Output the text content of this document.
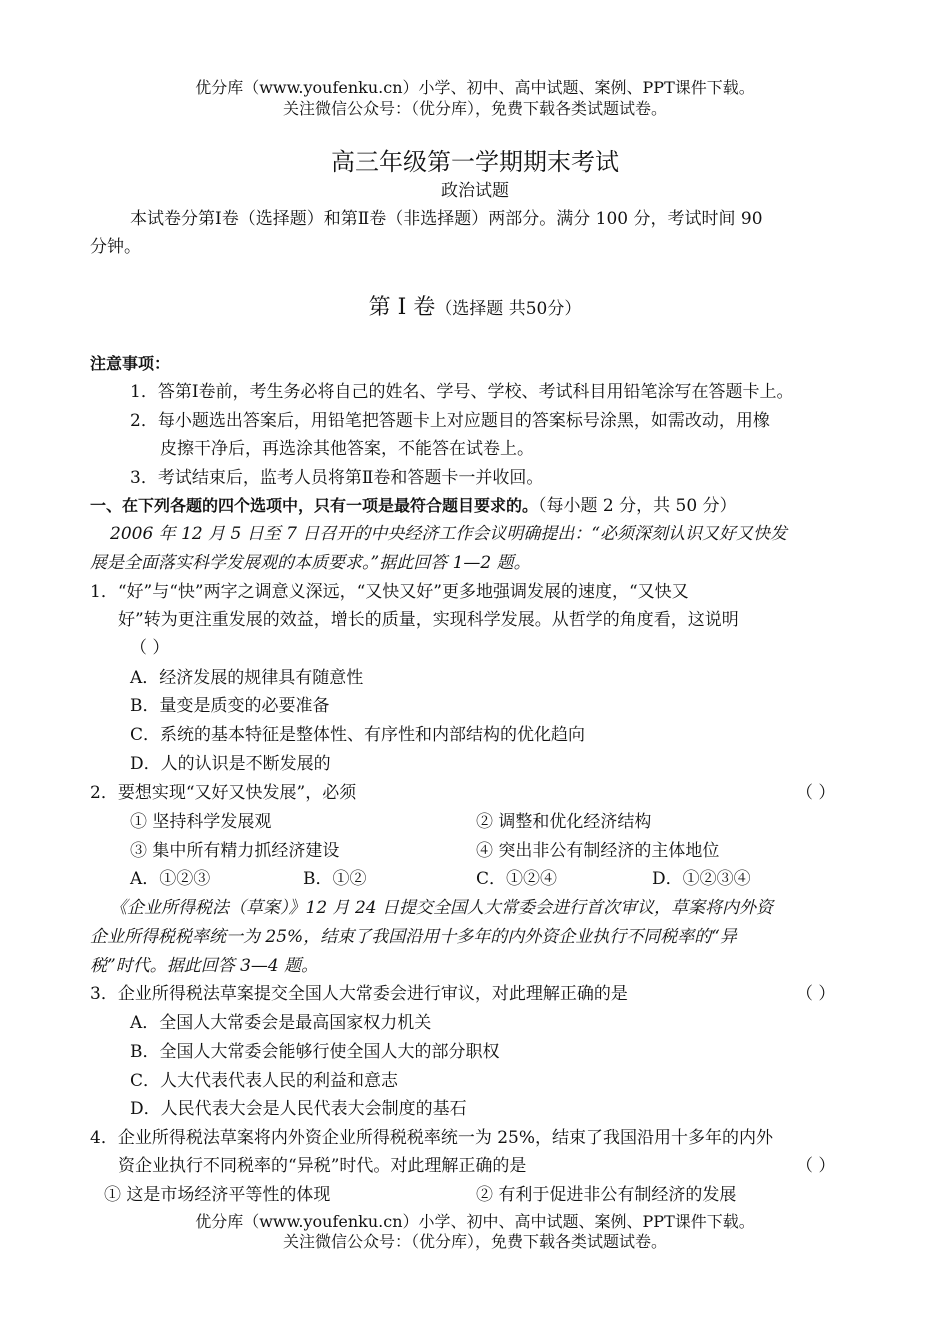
优分库（www.youfenku.cn）小学、初中、高中试题、案例、PPT课件下载。
关注微信公众号：（优分库），免费下载各类试题试卷。
高三年级第一学期期末考试
政治试题
本试卷分第Ⅰ卷（选择题）和第Ⅱ卷（非选择题）两部分。满分 100 分，考试时间 90
分钟。
第 Ⅰ 卷（选择题 共50分）
注意事项：
1．答第Ⅰ卷前，考生务必将自己的姓名、学号、学校、考试科目用铅笔涂写在答题卡上。
2．每小题选出答案后，用铅笔把答题卡上对应题目的答案标号涂黑，如需改动，用橡
皮擦干净后，再选涂其他答案，不能答在试卷上。
3．考试结束后，监考人员将第Ⅱ卷和答题卡一并收回。
一、在下列各题的四个选项中，只有一项是最符合题目要求的。（每小题 2 分，共 50 分）
2006 年 12 月 5 日至 7 日召开的中央经济工作会议明确提出：“必须深刻认识又好又快发
展是全面落实科学发展观的本质要求。”据此回答 1—2 题。
1．“好”与“快”两字之调意义深远，“又快又好”更多地强调发展的速度，“又快又
好”转为更注重发展的效益，增长的质量，实现科学发展。从哲学的角度看，这说明
（ ）
A．经济发展的规律具有随意性
B．量变是质变的必要准备
C．系统的基本特征是整体性、有序性和内部结构的优化趋向
D．人的认识是不断发展的
2．要想实现“又好又快发展”，必须	（ ）
① 坚持科学发展观	② 调整和优化经济结构
③ 集中所有精力抓经济建设	④ 突出非公有制经济的主体地位
A．①②③	B．①②	C．①②④	D．①②③④
《企业所得税法（草案）》12 月 24 日提交全国人大常委会进行首次审议，草案将内外资
企业所得税税率统一为 25%，结束了我国沿用十多年的内外资企业执行不同税率的“异
税”时代。据此回答 3—4 题。
3．企业所得税法草案提交全国人大常委会进行审议，对此理解正确的是	（ ）
A．全国人大常委会是最高国家权力机关
B．全国人大常委会能够行使全国人大的部分职权
C．人大代表代表人民的利益和意志
D．人民代表大会是人民代表大会制度的基石
4．企业所得税法草案将内外资企业所得税税率统一为 25%，结束了我国沿用十多年的内外
资企业执行不同税率的“异税”时代。对此理解正确的是	（ ）
① 这是市场经济平等性的体现	② 有利于促进非公有制经济的发展
优分库（www.youfenku.cn）小学、初中、高中试题、案例、PPT课件下载。
关注微信公众号：（优分库），免费下载各类试题试卷。
